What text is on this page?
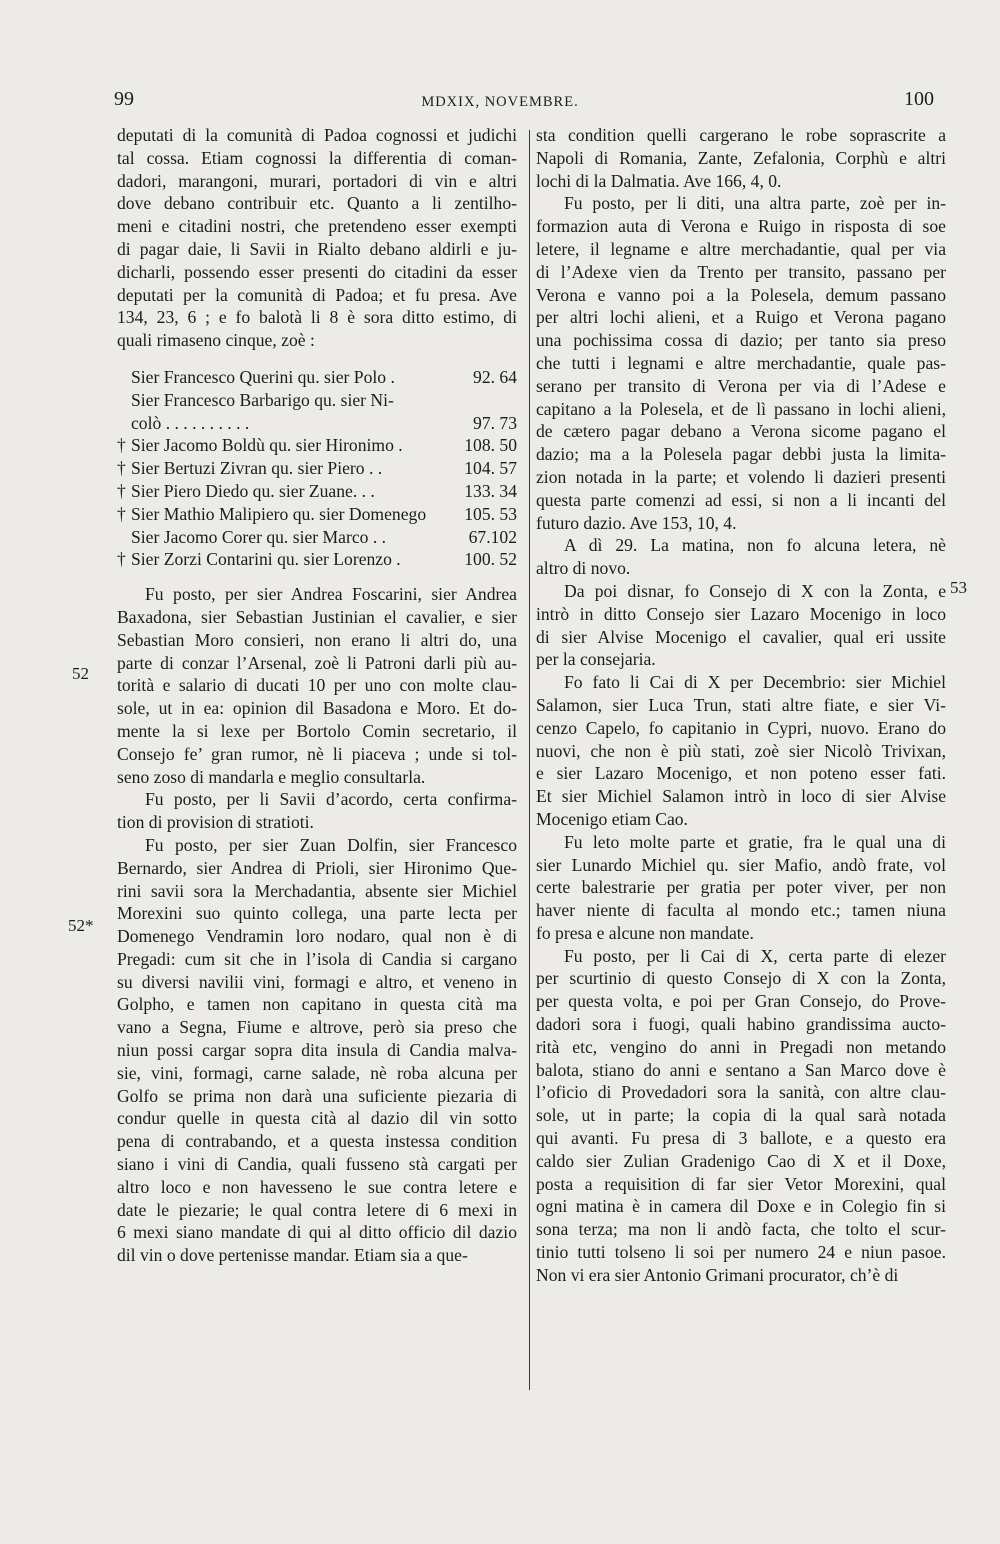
99	MDXIX, NOVEMBRE.	100
52
52*
53
deputati di la comunità di Padoa cognossi et judichi
tal cossa. Etiam cognossi la differentia di coman-
dadori, marangoni, murari, portadori di vin e altri
dove debano contribuir etc. Quanto a li zentilho-
meni e citadini nostri, che pretendeno esser exempti
di pagar daie, li Savii in Rialto debano aldirli e ju-
dicharli, possendo esser presenti do citadini da esser
deputati per la comunità di Padoa; et fu presa. Ave
134, 23, 6 ; e fo balotà li 8 è sora ditto estimo, di
quali rimaseno cinque, zoè :
Sier Francesco Querini qu. sier Polo .	92. 64
Sier Francesco Barbarigo qu. sier Ni-
colò . . . . . . . . . .	97. 73
† Sier Jacomo Boldù qu. sier Hironimo .	108. 50
† Sier Bertuzi Zivran qu. sier Piero . .	104. 57
† Sier Piero Diedo qu. sier Zuane. . .	133. 34
† Sier Mathio Malipiero qu. sier Domenego	105. 53
Sier Jacomo Corer qu. sier Marco . .	67.102
† Sier Zorzi Contarini qu. sier Lorenzo .	100. 52
Fu posto, per sier Andrea Foscarini, sier Andrea
Baxadona, sier Sebastian Justinian el cavalier, e sier
Sebastian Moro consieri, non erano li altri do, una
parte di conzar l’Arsenal, zoè li Patroni darli più au-
torità e salario di ducati 10 per uno con molte clau-
sole, ut in ea: opinion dil Basadona e Moro. Et do-
mente la si lexe per Bortolo Comin secretario, il
Consejo fe’ gran rumor, nè li piaceva ; unde si tol-
seno zoso di mandarla e meglio consultarla.
Fu posto, per li Savii d’acordo, certa confirma-
tion di provision di stratioti.
Fu posto, per sier Zuan Dolfin, sier Francesco
Bernardo, sier Andrea di Prioli, sier Hironimo Que-
rini savii sora la Merchadantia, absente sier Michiel
Morexini suo quinto collega, una parte lecta per
Domenego Vendramin loro nodaro, qual non è di
Pregadi: cum sit che in l’isola di Candia si cargano
su diversi navilii vini, formagi e altro, et veneno in
Golpho, e tamen non capitano in questa cità ma
vano a Segna, Fiume e altrove, però sia preso che
niun possi cargar sopra dita insula di Candia malva-
sie, vini, formagi, carne salade, nè roba alcuna per
Golfo se prima non darà una suficiente piezaria di
condur quelle in questa cità al dazio dil vin sotto
pena di contrabando, et a questa instessa condition
siano i vini di Candia, quali fusseno stà cargati per
altro loco e non havesseno le sue contra letere e
date le piezarie; le qual contra letere di 6 mexi in
6 mexi siano mandate di qui al ditto officio dil dazio
dil vin o dove pertenisse mandar. Etiam sia a que-
sta condition quelli cargerano le robe soprascrite a
Napoli di Romania, Zante, Zefalonia, Corphù e altri
lochi di la Dalmatia. Ave 166, 4, 0.
Fu posto, per li diti, una altra parte, zoè per in-
formazion auta di Verona e Ruigo in risposta di soe
letere, il legname e altre merchadantie, qual per via
di l’Adexe vien da Trento per transito, passano per
Verona e vanno poi a la Polesela, demum passano
per altri lochi alieni, et a Ruigo et Verona pagano
una pochissima cossa di dazio; per tanto sia preso
che tutti i legnami e altre merchadantie, quale pas-
serano per transito di Verona per via di l’Adese e
capitano a la Polesela, et de lì passano in lochi alieni,
de cætero pagar debano a Verona sicome pagano el
dazio; ma a la Polesela pagar debbi justa la limita-
zion notada in la parte; et volendo li dazieri presenti
questa parte comenzi ad essi, si non a li incanti del
futuro dazio. Ave 153, 10, 4.
A dì 29. La matina, non fo alcuna letera, nè
altro di novo.
Da poi disnar, fo Consejo di X con la Zonta, e
intrò in ditto Consejo sier Lazaro Mocenigo in loco
di sier Alvise Mocenigo el cavalier, qual eri ussite
per la consejaria.
Fo fato li Cai di X per Decembrio: sier Michiel
Salamon, sier Luca Trun, stati altre fiate, e sier Vi-
cenzo Capelo, fo capitanio in Cypri, nuovo. Erano do
nuovi, che non è più stati, zoè sier Nicolò Trivixan,
e sier Lazaro Mocenigo, et non poteno esser fati.
Et sier Michiel Salamon intrò in loco di sier Alvise
Mocenigo etiam Cao.
Fu leto molte parte et gratie, fra le qual una di
sier Lunardo Michiel qu. sier Mafio, andò frate, vol
certe balestrarie per gratia per poter viver, per non
haver niente di faculta al mondo etc.; tamen niuna
fo presa e alcune non mandate.
Fu posto, per li Cai di X, certa parte di elezer
per scurtinio di questo Consejo di X con la Zonta,
per questa volta, e poi per Gran Consejo, do Prove-
dadori sora i fuogi, quali habino grandissima aucto-
rità etc, vengino do anni in Pregadi non metando
balota, stiano do anni e sentano a San Marco dove è
l’oficio di Provedadori sora la sanità, con altre clau-
sole, ut in parte; la copia di la qual sarà notada
qui avanti. Fu presa di 3 ballote, e a questo era
caldo sier Zulian Gradenigo Cao di X et il Doxe,
posta a requisition di far sier Vetor Morexini, qual
ogni matina è in camera dil Doxe e in Colegio fin si
sona terza; ma non li andò facta, che tolto el scur-
tinio tutti tolseno li soi per numero 24 e niun pasoe.
Non vi era sier Antonio Grimani procurator, ch’è di
